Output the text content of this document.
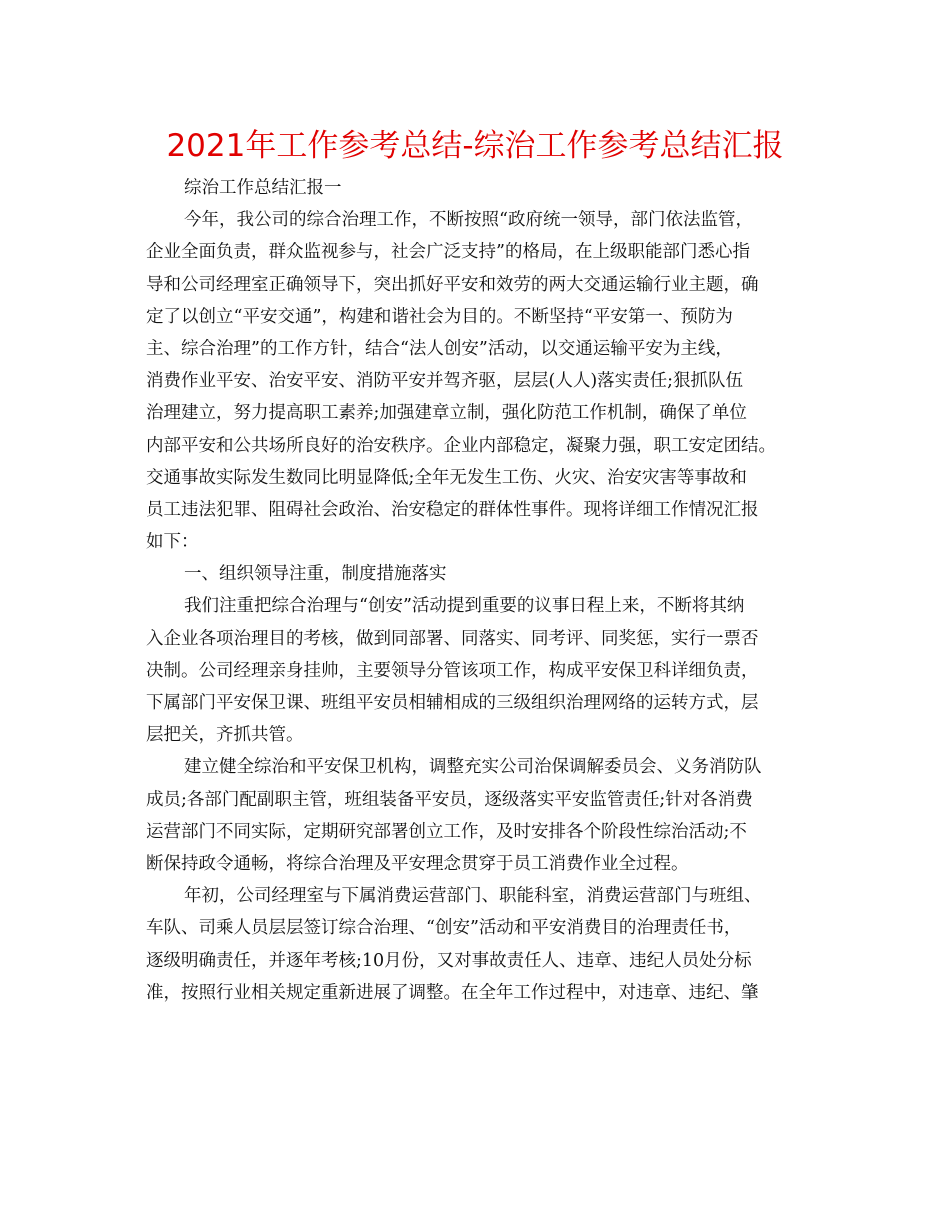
2021年工作参考总结-综治工作参考总结汇报
综治工作总结汇报一
今年，我公司的综合治理工作，不断按照“政府统一领导，部门依法监管，
企业全面负责，群众监视参与，社会广泛支持”的格局，在上级职能部门悉心指
导和公司经理室正确领导下，突出抓好平安和效劳的两大交通运输行业主题，确
定了以创立“平安交通”，构建和谐社会为目的。不断坚持“平安第一、预防为
主、综合治理”的工作方针，结合“法人创安”活动，以交通运输平安为主线，
消费作业平安、治安平安、消防平安并驾齐驱，层层(人人)落实责任;狠抓队伍
治理建立，努力提高职工素养;加强建章立制，强化防范工作机制，确保了单位
内部平安和公共场所良好的治安秩序。企业内部稳定，凝聚力强，职工安定团结。
交通事故实际发生数同比明显降低;全年无发生工伤、火灾、治安灾害等事故和
员工违法犯罪、阻碍社会政治、治安稳定的群体性事件。现将详细工作情况汇报
如下：
一、组织领导注重，制度措施落实
我们注重把综合治理与“创安”活动提到重要的议事日程上来，不断将其纳
入企业各项治理目的考核，做到同部署、同落实、同考评、同奖惩，实行一票否
决制。公司经理亲身挂帅，主要领导分管该项工作，构成平安保卫科详细负责，
下属部门平安保卫课、班组平安员相辅相成的三级组织治理网络的运转方式，层
层把关，齐抓共管。
建立健全综治和平安保卫机构，调整充实公司治保调解委员会、义务消防队
成员;各部门配副职主管，班组装备平安员，逐级落实平安监管责任;针对各消费
运营部门不同实际，定期研究部署创立工作，及时安排各个阶段性综治活动;不
断保持政令通畅，将综合治理及平安理念贯穿于员工消费作业全过程。
年初，公司经理室与下属消费运营部门、职能科室，消费运营部门与班组、
车队、司乘人员层层签订综合治理、“创安”活动和平安消费目的治理责任书，
逐级明确责任，并逐年考核;10月份，又对事故责任人、违章、违纪人员处分标
准，按照行业相关规定重新进展了调整。在全年工作过程中，对违章、违纪、肇
